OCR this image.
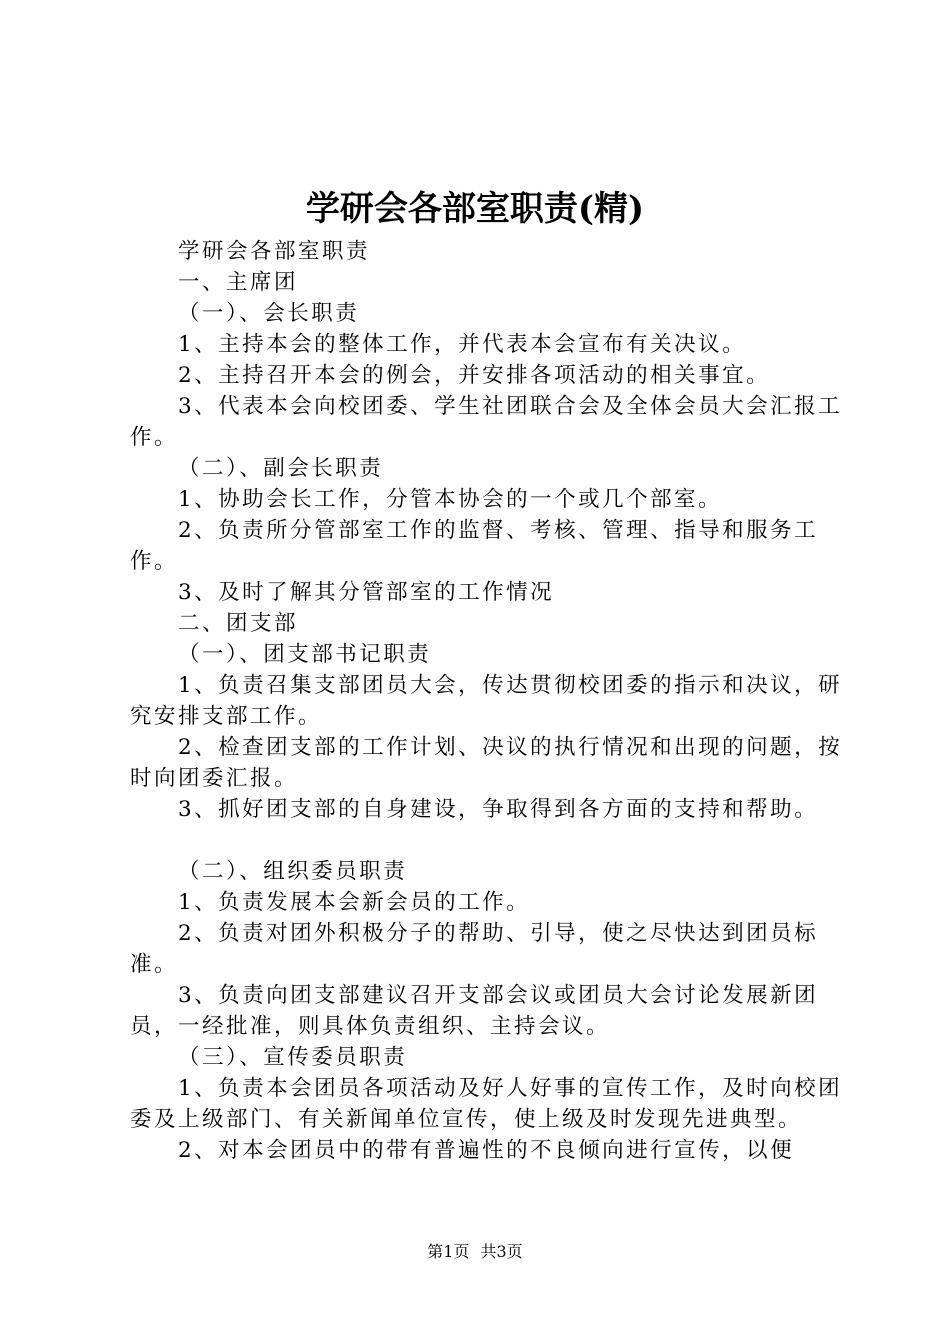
学研会各部室职责(精)

学研会各部室职责

一、主席团

（一）、会长职责

1、主持本会的整体工作，并代表本会宣布有关决议。

2、主持召开本会的例会，并安排各项活动的相关事宜。

3、代表本会向校团委、学生社团联合会及全体会员大会汇报工作。

（二）、副会长职责

1、协助会长工作，分管本协会的一个或几个部室。

2、负责所分管部室工作的监督、考核、管理、指导和服务工作。

3、及时了解其分管部室的工作情况

二、团支部

（一）、团支部书记职责

1、负责召集支部团员大会，传达贯彻校团委的指示和决议，研究安排支部工作。

2、检查团支部的工作计划、决议的执行情况和出现的问题，按时向团委汇报。

3、抓好团支部的自身建设，争取得到各方面的支持和帮助。

（二）、组织委员职责

1、负责发展本会新会员的工作。

2、负责对团外积极分子的帮助、引导，使之尽快达到团员标准。

3、负责向团支部建议召开支部会议或团员大会讨论发展新团员，一经批准，则具体负责组织、主持会议。

（三）、宣传委员职责

1、负责本会团员各项活动及好人好事的宣传工作，及时向校团委及上级部门、有关新闻单位宣传，使上级及时发现先进典型。

2、对本会团员中的带有普遍性的不良倾向进行宣传，以便

第1页 共3页
